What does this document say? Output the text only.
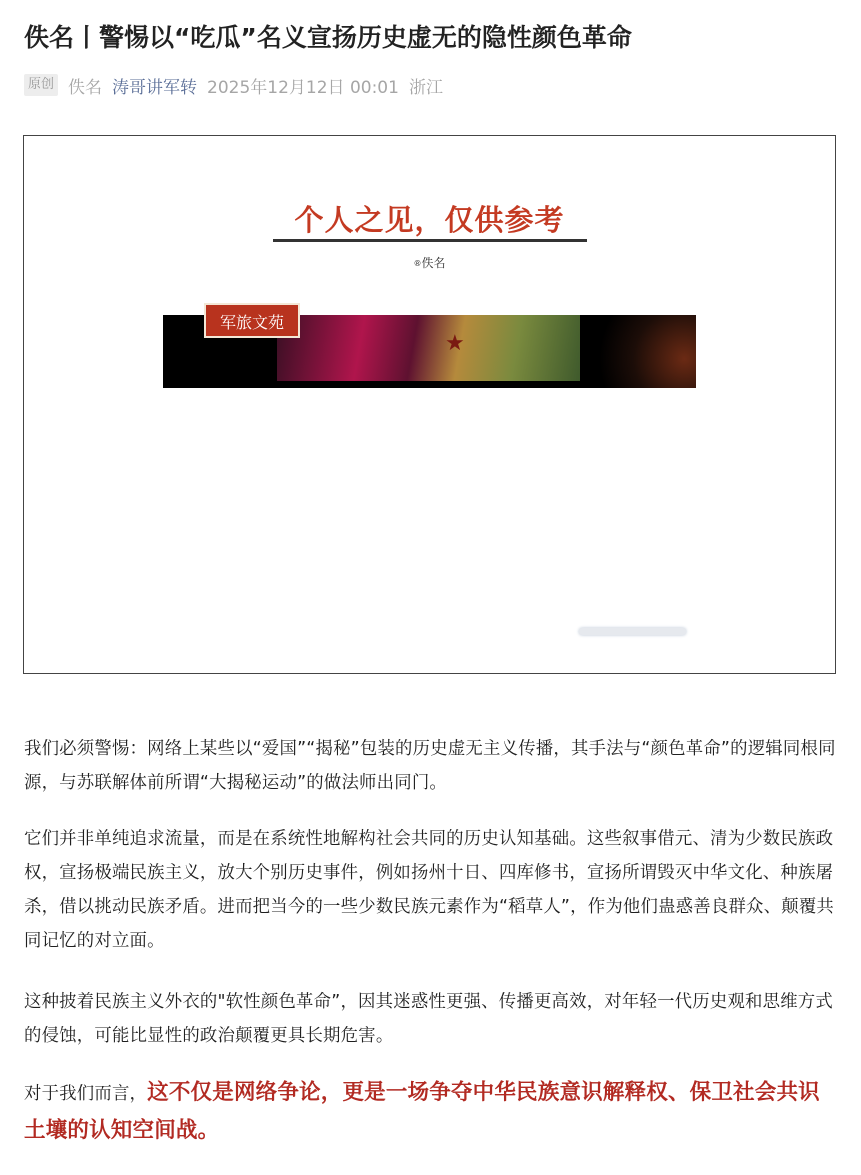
佚名丨警惕以“吃瓜”名义宣扬历史虚无的隐性颜色革命
原创 佚名 涛哥讲军转 2025年12月12日 00:01 浙江
个人之见，仅供参考
®佚名
★
军旅文苑

我们必须警惕：网络上某些以“爱国”“揭秘”包装的历史虚无主义传播，其手法与“颜色革命”的逻辑同根同源，与苏联解体前所谓“大揭秘运动”的做法师出同门。

它们并非单纯追求流量，而是在系统性地解构社会共同的历史认知基础。这些叙事借元、清为少数民族政权，宣扬极端民族主义，放大个别历史事件，例如扬州十日、四库修书，宣扬所谓毁灭中华文化、种族屠杀，借以挑动民族矛盾。进而把当今的一些少数民族元素作为“稻草人”，作为他们蛊惑善良群众、颠覆共同记忆的对立面。

这种披着民族主义外衣的"软性颜色革命”，因其迷惑性更强、传播更高效，对年轻一代历史观和思维方式的侵蚀，可能比显性的政治颠覆更具长期危害。

对于我们而言，这不仅是网络争论，更是一场争夺中华民族意识解释权、保卫社会共识土壤的认知空间战。
